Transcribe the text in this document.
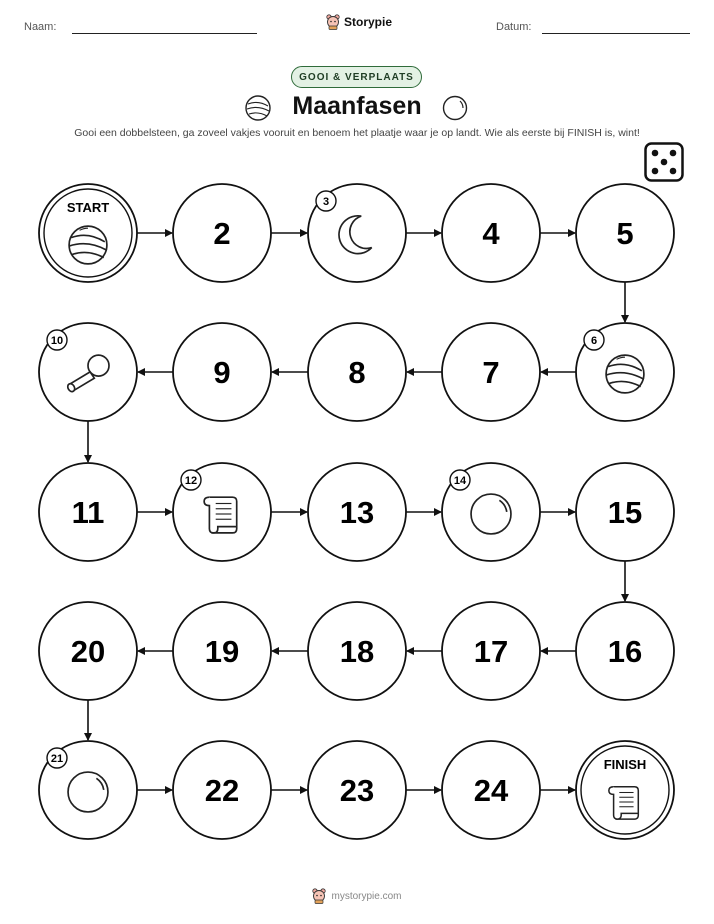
Naam:	Storypie	Datum:
GOOI & VERPLAATS
Maanfasen
Gooi een dobbelsteen, ga zoveel vakjes vooruit en benoem het plaatje waar je op landt. Wie als eerste bij FINISH is, wint!
START
2
3
4	5
6
7
8
9
10
11
12
13
14
15
16
17
18
19
20
21
22	23	24
FINISH
mystorypie.com
